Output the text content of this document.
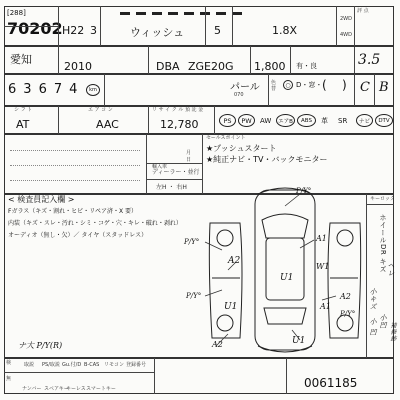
[288]
70202 H22 3	ウィッシュ	5	1.8X
2WD
4WD
評 点
愛知
2010	DBA ZGE20G 1,800 有・良	3.5
63674 km	パール
070
色 替
○ D・窓・ (    ) C B
シ フ ト
AT
エ ア コ ン
AAC
リ サ イ ク ル 預 託 金
12,780	PS	PW	AW	エアB	ABS	革 SR	ナビ	DTV
セールスポイント
月
日
輸入車
ディーラー・並行
左H ・ 右H
★プッシュスタート
★純正ナビ・TV・バックモニター
キーロック
< 検査員記入欄 >
Fガラス（キズ・割れ・ヒビ・リペア済・X 要）
内装（キズ・スレ・汚れ・シミ・コゲ・穴・キレ・破れ・剥れ）
オーディオ（無し・欠）／ タイヤ（スタッドレス）
P/Y°
A2
A1
P/Y°
U1
W1
U1	A1
A2
U1
A2
P/Y°
P/Y°
ホイールDR キズ ヘレ
小キズ
小 凹 小凹
補修跡
ナ大 P/Y(R)
検	取説 PS/取説 Gu.付/D B-CAS リモコン 登録番号
無
ナンバー スペアキー
キーレス スマートキー	0061185
